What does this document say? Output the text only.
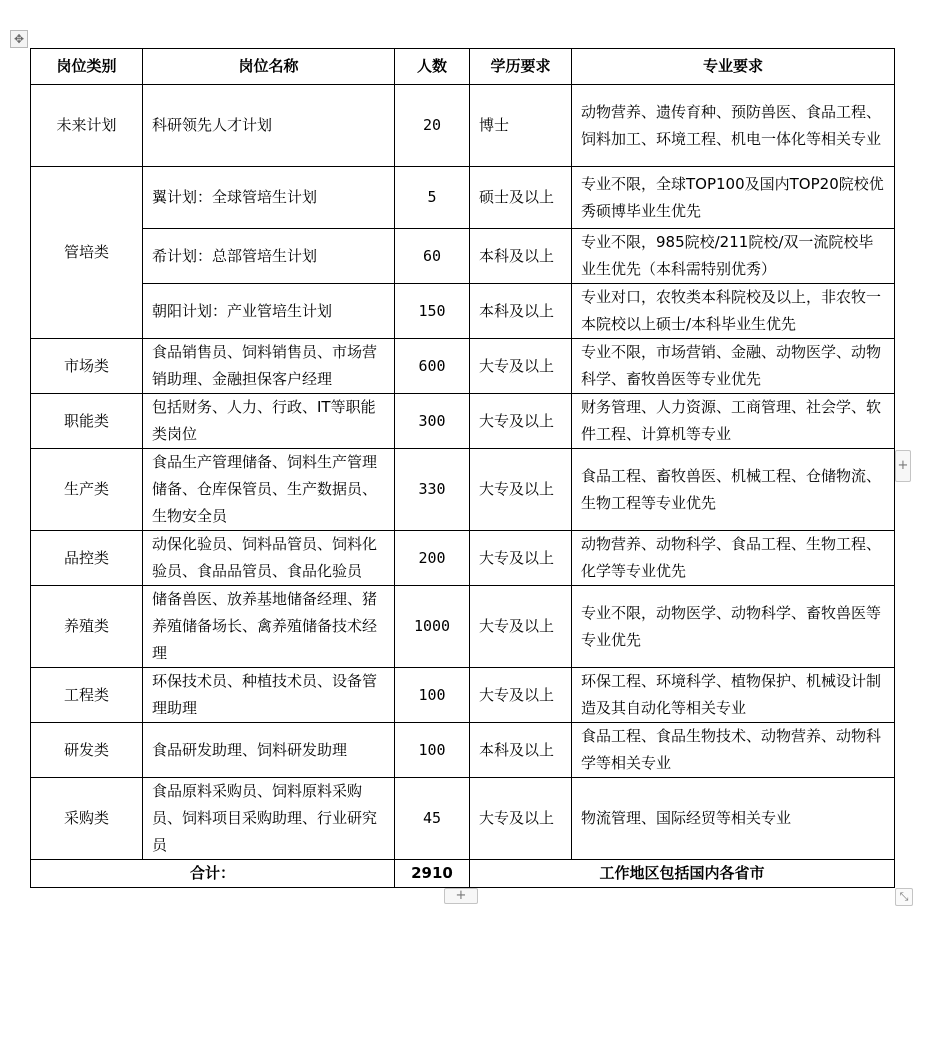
✥
岗位类别	岗位名称	人数	学历要求	专业要求
未来计划	科研领先人才计划	20	博士	动物营养、遗传育种、预防兽医、食品工程、饲料加工、环境工程、机电一体化等相关专业
管培类	翼计划：全球管培生计划	5	硕士及以上	专业不限，全球TOP100及国内TOP20院校优秀硕博毕业生优先
	希计划：总部管培生计划	60	本科及以上	专业不限，985院校/211院校/双一流院校毕业生优先（本科需特别优秀）
	朝阳计划：产业管培生计划	150	本科及以上	专业对口，农牧类本科院校及以上，非农牧一本院校以上硕士/本科毕业生优先
市场类	食品销售员、饲料销售员、市场营销助理、金融担保客户经理	600	大专及以上	专业不限，市场营销、金融、动物医学、动物科学、畜牧兽医等专业优先
职能类	包括财务、人力、行政、IT等职能类岗位	300	大专及以上	财务管理、人力资源、工商管理、社会学、软件工程、计算机等专业
生产类	食品生产管理储备、饲料生产管理储备、仓库保管员、生产数据员、生物安全员	330	大专及以上	食品工程、畜牧兽医、机械工程、仓储物流、生物工程等专业优先
品控类	动保化验员、饲料品管员、饲料化验员、食品品管员、食品化验员	200	大专及以上	动物营养、动物科学、食品工程、生物工程、化学等专业优先
养殖类	储备兽医、放养基地储备经理、猪养殖储备场长、禽养殖储备技术经理	1000	大专及以上	专业不限，动物医学、动物科学、畜牧兽医等专业优先
工程类	环保技术员、种植技术员、设备管理助理	100	大专及以上	环保工程、环境科学、植物保护、机械设计制造及其自动化等相关专业
研发类	食品研发助理、饲料研发助理	100	本科及以上	食品工程、食品生物技术、动物营养、动物科学等相关专业
采购类	食品原料采购员、饲料原料采购员、饲料项目采购助理、行业研究员	45	大专及以上	物流管理、国际经贸等相关专业
合计：		2910	工作地区包括国内各省市	
+
+	⤡
